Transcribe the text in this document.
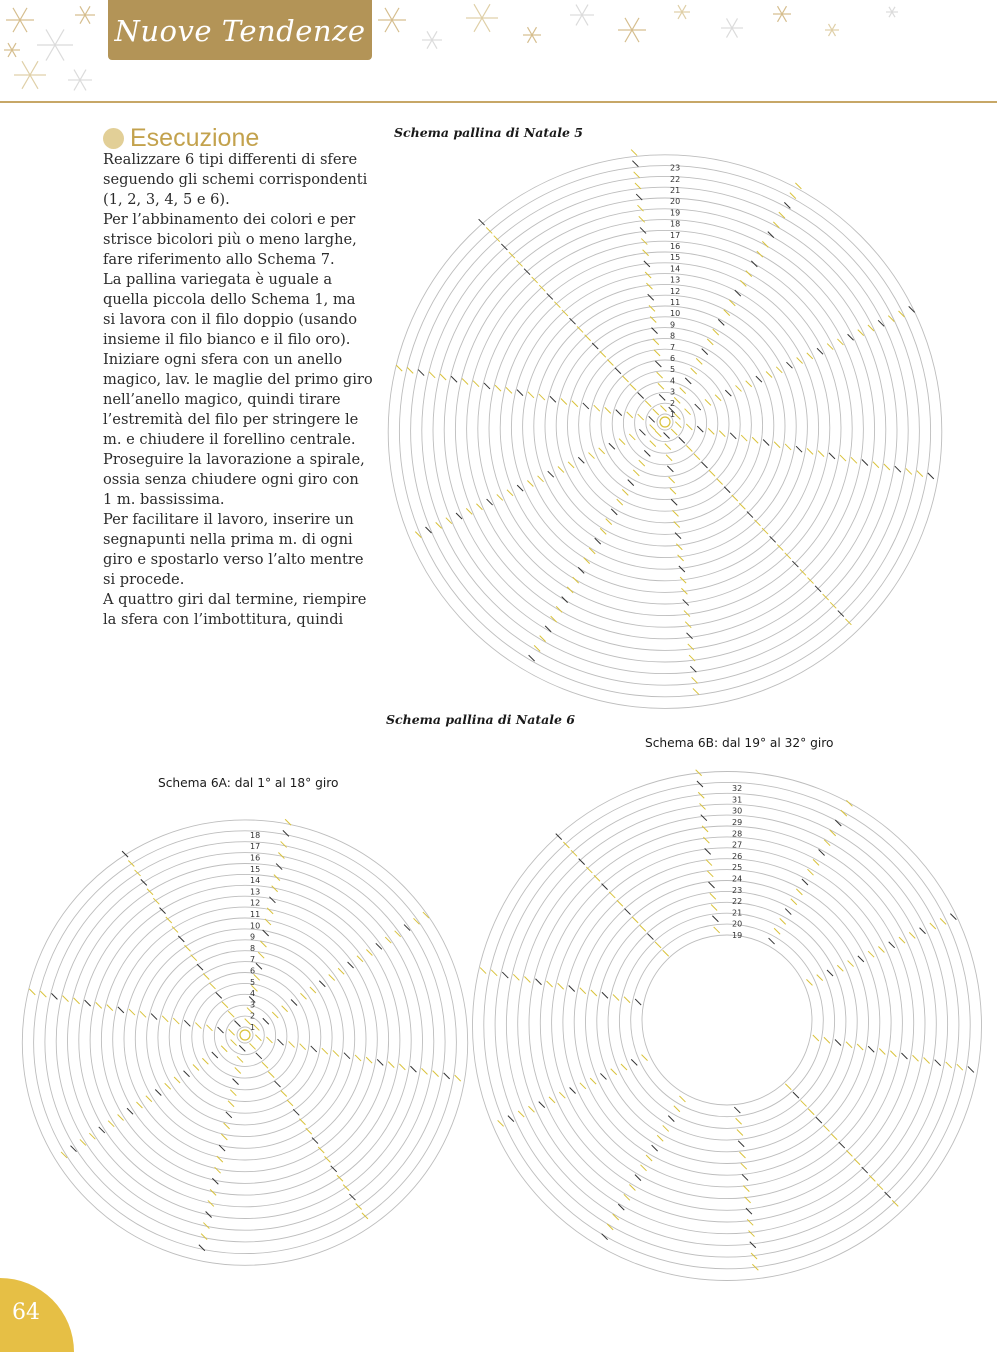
Nuove Tendenze
Esecuzione
Realizzare 6 tipi differenti di sfere
seguendo gli schemi corrispondenti
(1, 2, 3, 4, 5 e 6).
Per l’abbinamento dei colori e per
strisce bicolori più o meno larghe,
fare riferimento allo Schema 7.
La pallina variegata è uguale a
quella piccola dello Schema 1, ma
si lavora con il filo doppio (usando
insieme il filo bianco e il filo oro).
Iniziare ogni sfera con un anello
magico, lav. le maglie del primo giro
nell’anello magico, quindi tirare
l’estremità del filo per stringere le
m. e chiudere il forellino centrale.
Proseguire la lavorazione a spirale,
ossia senza chiudere ogni giro con
1 m. bassissima.
Per facilitare il lavoro, inserire un
segnapunti nella prima m. di ogni
giro e spostarlo verso l’alto mentre
si procede.
A quattro giri dal termine, riempire
la sfera con l’imbottitura, quindi
Schema pallina di Natale 5
1
2
3
4
5
6
7
8
9
10
11
12
13
14
15
16
17
18
19
20
21
22
23
Schema pallina di Natale 6
Schema 6B: dal 19° al 32° giro
Schema 6A: dal 1° al 18° giro
1
2
3
4
5
6
7
8
9
10
11
12
13
14
15
16
17
18
19
20
21
22
23
24
25
26
27
28
29
30
31
32
64
